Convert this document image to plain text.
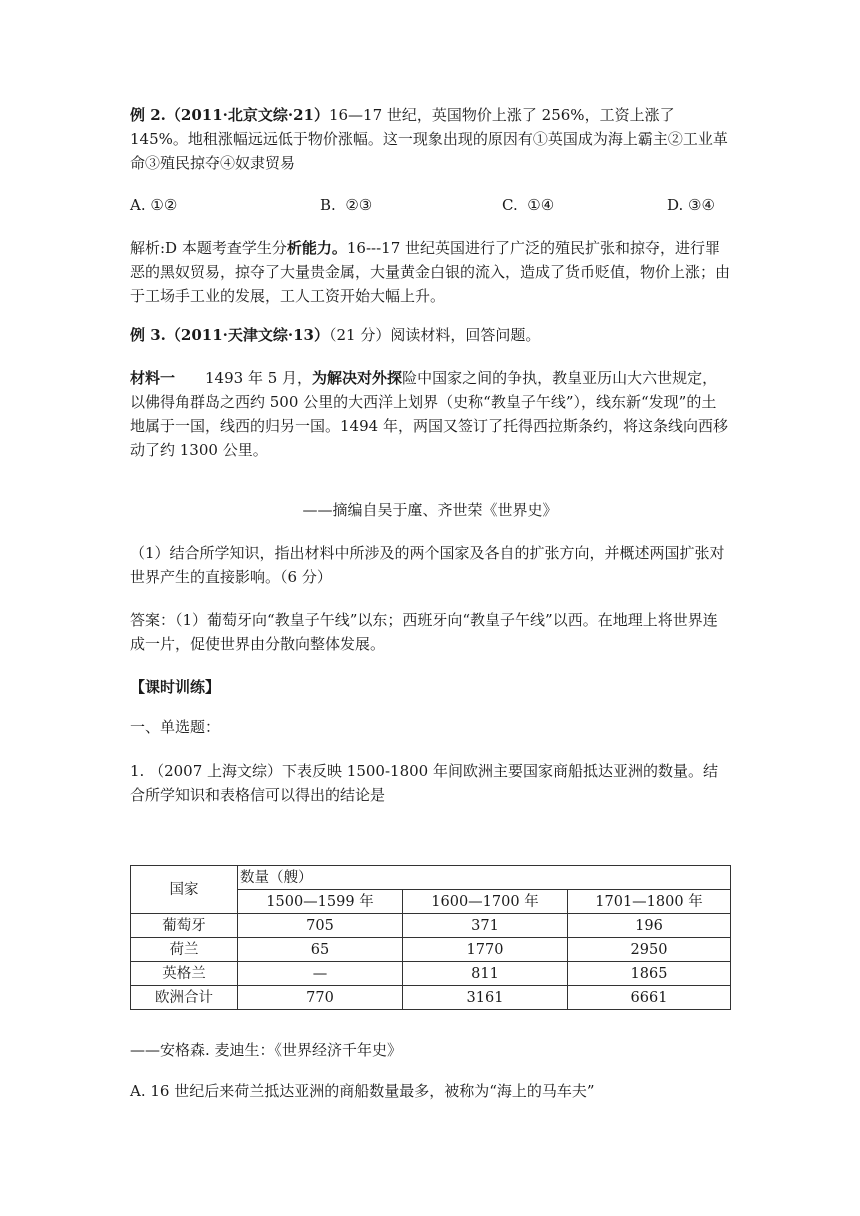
例 2.（2011·北京文综·21）16—17 世纪，英国物价上涨了 256%，工资上涨了 145%。地租涨幅远远低于物价涨幅。这一现象出现的原因有①英国成为海上霸主②工业革命③殖民掠夺④奴隶贸易

A. ①②	B.  ②③	C.  ①④	D. ③④

解析:D 本题考查学生分析能力。16---17 世纪英国进行了广泛的殖民扩张和掠夺，进行罪恶的黑奴贸易，掠夺了大量贵金属，大量黄金白银的流入，造成了货币贬值，物价上涨；由于工场手工业的发展，工人工资开始大幅上升。

例 3.（2011·天津文综·13）（21 分）阅读材料，回答问题。

材料一　　1493 年 5 月，为解决对外探险中国家之间的争执，教皇亚历山大六世规定，以佛得角群岛之西约 500 公里的大西洋上划界（史称“教皇子午线”），线东新“发现”的土地属于一国，线西的归另一国。1494 年，两国又签订了托得西拉斯条约，将这条线向西移动了约 1300 公里。

——摘编自吴于廑、齐世荣《世界史》

（1）结合所学知识，指出材料中所涉及的两个国家及各自的扩张方向，并概述两国扩张对世界产生的直接影响。（6 分）

答案：（1）葡萄牙向“教皇子午线”以东；西班牙向“教皇子午线”以西。在地理上将世界连成一片，促使世界由分散向整体发展。

【课时训练】

一、单选题：

1. （2007 上海文综）下表反映 1500-1800 年间欧洲主要国家商船抵达亚洲的数量。结合所学知识和表格信可以得出的结论是

国家	数量（艘）		
	1500—1599 年	1600—1700 年	1701—1800 年
葡萄牙	705	371	196
荷兰	65	1770	2950
英格兰	—	811	1865
欧洲合计	770	3161	6661

——安格森. 麦迪生：《世界经济千年史》

A. 16 世纪后来荷兰抵达亚洲的商船数量最多，被称为“海上的马车夫”
